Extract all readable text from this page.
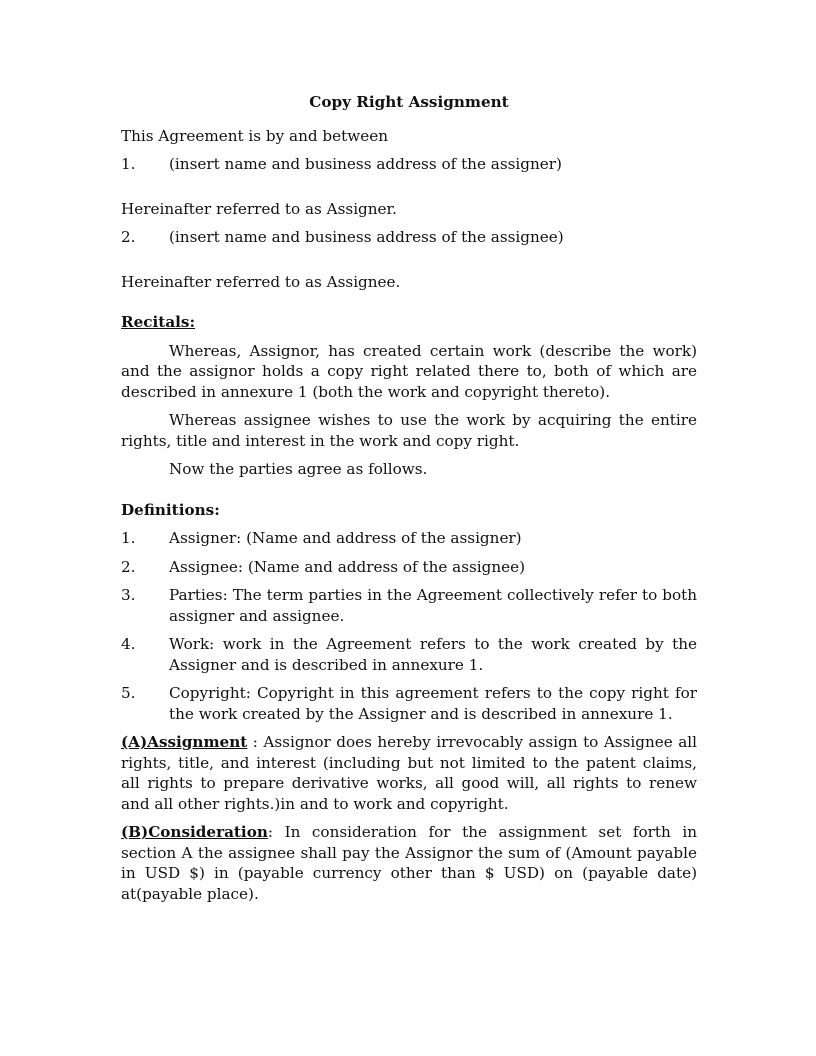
Copy Right Assignment

This Agreement is by and between

1.	(insert name and business address of the assigner)

Hereinafter referred to as Assigner.

2.	(insert name and business address of the assignee)

Hereinafter referred to as Assignee.

Recitals:

Whereas, Assignor, has created certain work (describe the work) and the assignor holds a copy right related there to, both of which are described in annexure 1 (both the work and copyright thereto).

Whereas assignee wishes to use the work by acquiring the entire rights, title and interest in the work and copy right.

Now the parties agree as follows.

Definitions:
1.	Assigner: (Name and address of the assigner)
2.	Assignee: (Name and address of the assignee)
3.	Parties: The term parties in the Agreement collectively refer to both assigner and assignee.
4.	Work: work in the Agreement refers to the work created by the Assigner and is described in annexure 1.
5.	Copyright: Copyright in this agreement refers to the copy right for the work created by the Assigner and is described in annexure 1.

(A)Assignment : Assignor does hereby irrevocably assign to Assignee all rights, title, and interest (including but not limited to the patent claims, all rights to prepare derivative works, all good will, all rights to renew and all other rights.)in and to work and copyright.

(B)Consideration: In consideration for the assignment set forth in section A the assignee shall pay the Assignor the sum of (Amount payable in USD $) in (payable currency other than $ USD) on (payable date) at(payable place).
